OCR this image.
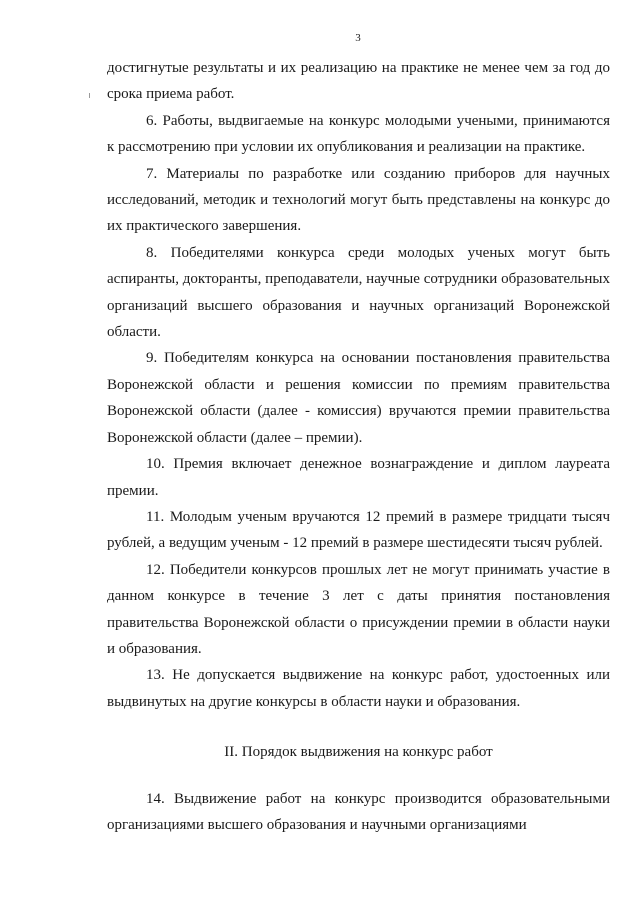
3

достигнутые результаты и их реализацию на практике не менее чем за год до срока приема работ.

6. Работы, выдвигаемые на конкурс молодыми учеными, принимаются к рассмотрению при условии их опубликования и реализации на практике.

7. Материалы по разработке или созданию приборов для научных исследований, методик и технологий могут быть представлены на конкурс до их практического завершения.

8. Победителями конкурса среди молодых ученых могут быть аспиранты, докторанты, преподаватели, научные сотрудники образовательных организаций высшего образования и научных организаций Воронежской области.

9. Победителям конкурса на основании постановления правительства Воронежской области и решения комиссии по премиям правительства Воронежской области (далее - комиссия) вручаются премии правительства Воронежской области (далее – премии).

10. Премия включает денежное вознаграждение и диплом лауреата премии.

11. Молодым ученым вручаются 12 премий в размере тридцати тысяч рублей, а ведущим ученым - 12 премий в размере шестидесяти тысяч рублей.

12. Победители конкурсов прошлых лет не могут принимать участие в данном конкурсе в течение 3 лет с даты принятия постановления правительства Воронежской области о присуждении премии в области науки и образования.

13. Не допускается выдвижение на конкурс работ, удостоенных или выдвинутых на другие конкурсы в области науки и образования.

II. Порядок выдвижения на конкурс работ

14. Выдвижение работ на конкурс производится образовательными организациями высшего образования и научными организациями
